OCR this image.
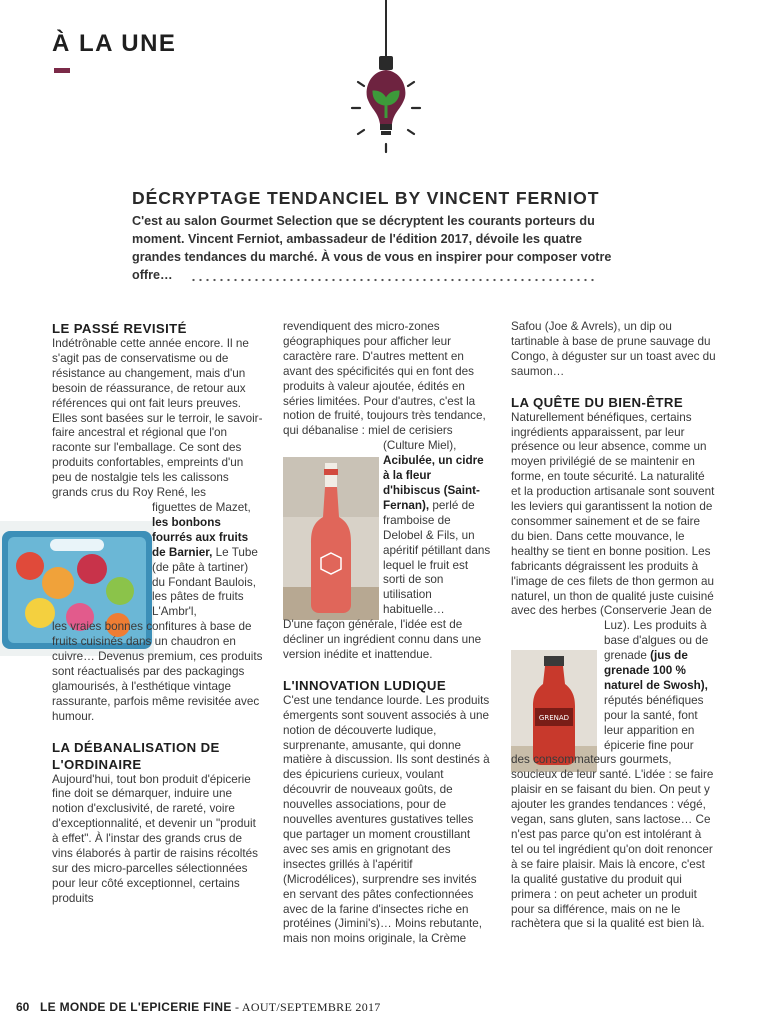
À LA UNE
DÉCRYPTAGE TENDANCIEL BY VINCENT FERNIOT
C'est au salon Gourmet Selection que se décryptent les courants porteurs du moment. Vincent Ferniot, ambassadeur de l'édition 2017, dévoile les quatre grandes tendances du marché. À vous de vous en inspirer pour composer votre offre…
GRENAD
LE PASSÉ REVISITÉ

Indétrônable cette année encore. Il ne s'agit pas de conservatisme ou de résistance au changement, mais d'un besoin de réassurance, de retour aux références qui ont fait leurs preuves. Elles sont basées sur le terroir, le savoir-faire ancestral et régional que l'on raconte sur l'emballage. Ce sont des produits confortables, empreints d'un peu de nostalgie tels les calissons grands crus du Roy René, les

figuettes de Mazet, les bonbons fourrés aux fruits de Barnier, Le Tube (de pâte à tartiner) du Fondant Baulois, les pâtes de fruits L'Ambr'l,

les vraies bonnes confitures à base de fruits cuisinés dans un chaudron en cuivre… Devenus premium, ces produits sont réactualisés par des packagings glamourisés, à l'esthétique vintage rassurante, parfois même revisitée avec humour.

LA DÉBANALISATION DE L'ORDINAIRE

Aujourd'hui, tout bon produit d'épicerie fine doit se démarquer, induire une notion d'exclusivité, de rareté, voire d'exceptionnalité, et devenir un "produit à effet". À l'instar des grands crus de vins élaborés à partir de raisins récoltés sur des micro-parcelles sélectionnées pour leur côté exceptionnel, certains produits

revendiquent des micro-zones géographiques pour afficher leur caractère rare. D'autres mettent en avant des spécificités qui en font des produits à valeur ajoutée, édités en séries limitées. Pour d'autres, c'est la notion de fruité, toujours très tendance, qui débanalise : miel de cerisiers

(Culture Miel), Acibulée, un cidre à la fleur d'hibiscus (Saint-Fernan), perlé de framboise de Delobel & Fils, un apéritif pétillant dans lequel le fruit est sorti de son utilisation habituelle…

D'une façon générale, l'idée est de décliner un ingrédient connu dans une version inédite et inattendue.

L'INNOVATION LUDIQUE

C'est une tendance lourde. Les produits émergents sont souvent associés à une notion de découverte ludique, surprenante, amusante, qui donne matière à discussion. Ils sont destinés à des épicuriens curieux, voulant découvrir de nouveaux goûts, de nouvelles associations, pour de nouvelles aventures gustatives telles que partager un moment croustillant avec ses amis en grignotant des insectes grillés à l'apéritif (Microdélices), surprendre ses invités en servant des pâtes confectionnées avec de la farine d'insectes riche en protéines (Jimini's)… Moins rebutante, mais non moins originale, la Crème

Safou (Joe & Avrels), un dip ou tartinable à base de prune sauvage du Congo, à déguster sur un toast avec du saumon…

LA QUÊTE DU BIEN-ÊTRE

Naturellement bénéfiques, certains ingrédients apparaissent, par leur présence ou leur absence, comme un moyen privilégié de se maintenir en forme, en toute sécurité. La naturalité et la production artisanale sont souvent les leviers qui garantissent la notion de consommer sainement et de se faire du bien. Dans cette mouvance, le healthy se tient en bonne position. Les fabricants dégraissent les produits à l'image de ces filets de thon germon au naturel, un thon de qualité juste cuisiné avec des herbes (Conserverie Jean de

Luz). Les produits à base d'algues ou de grenade (jus de grenade 100 % naturel de Swosh), réputés bénéfiques pour la santé, font leur apparition en épicerie fine pour

des consommateurs gourmets, soucieux de leur santé. L'idée : se faire plaisir en se faisant du bien. On peut y ajouter les grandes tendances : végé, vegan, sans gluten, sans lactose… Ce n'est pas parce qu'on est intolérant à tel ou tel ingrédient qu'on doit renoncer à se faire plaisir. Mais là encore, c'est la qualité gustative du produit qui primera : on peut acheter un produit pour sa différence, mais on ne le rachètera que si la qualité est bien là.

60 LE MONDE DE L'EPICERIE FINE - AOUT/SEPTEMBRE 2017
